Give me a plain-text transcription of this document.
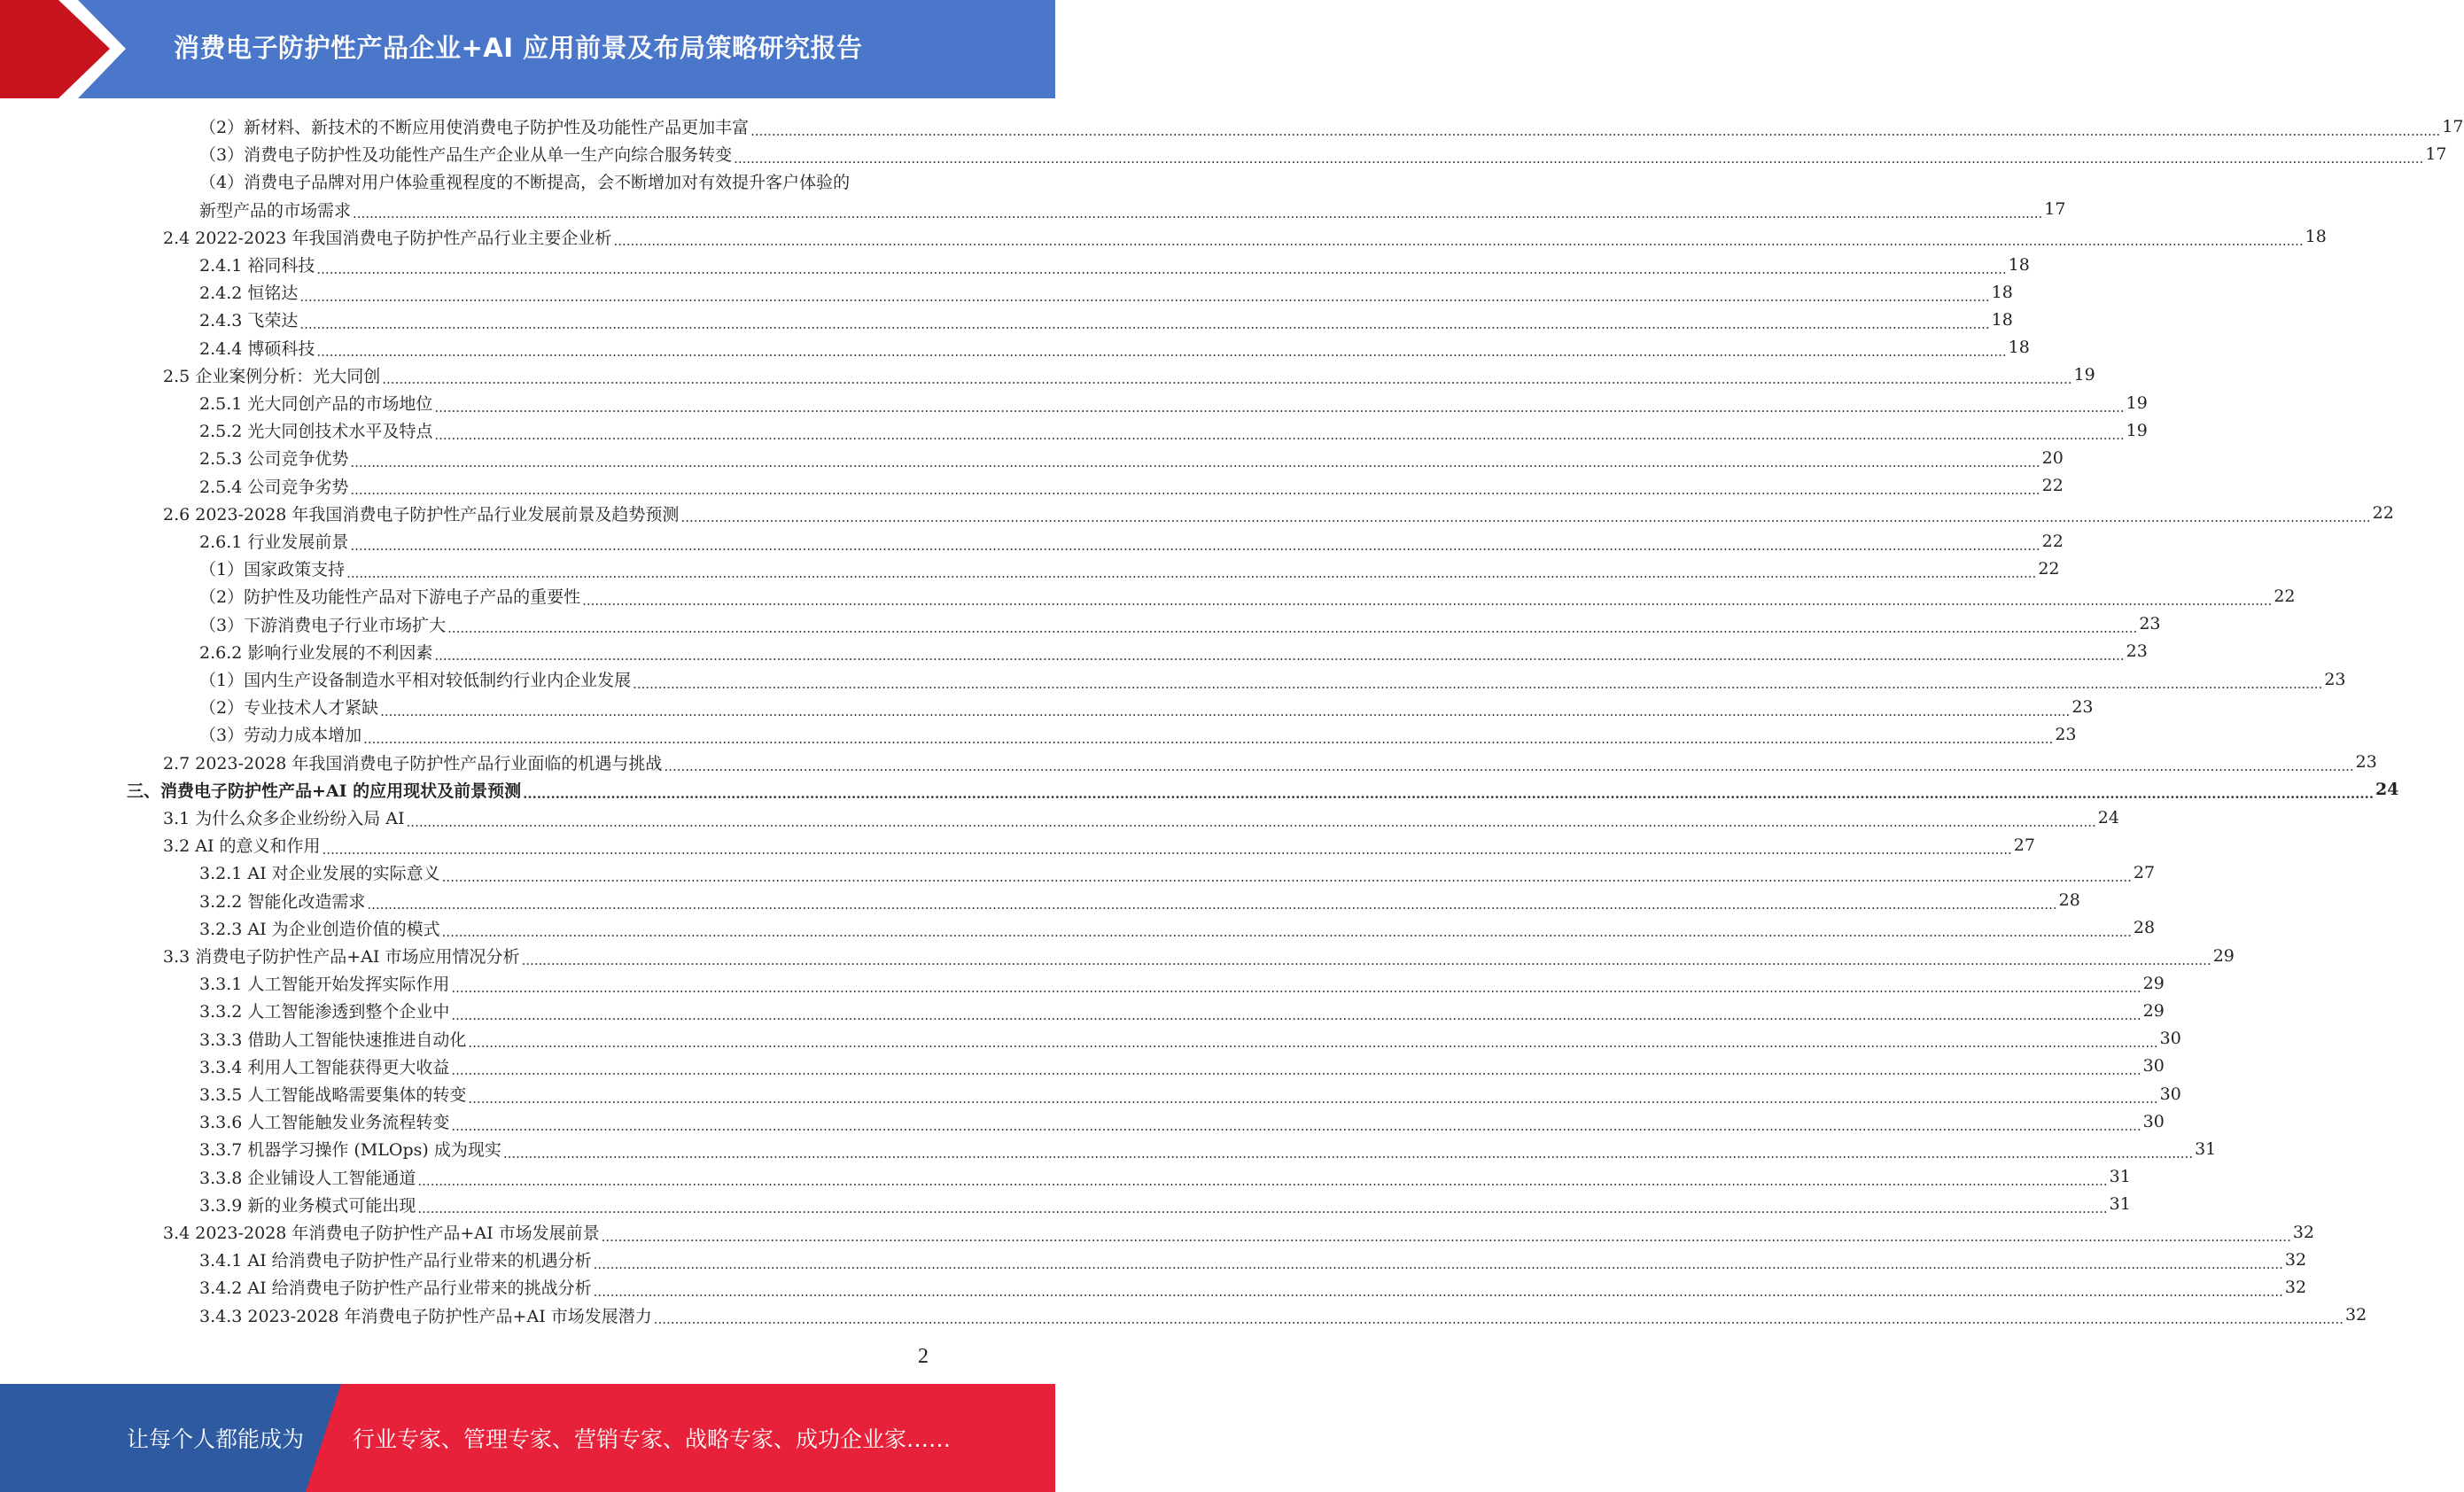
消费电子防护性产品企业+AI 应用前景及布局策略研究报告
（2）新材料、新技术的不断应用使消费电子防护性及功能性产品更加丰富 ................................................................................................................................................................................................................................................................................................................................................................................................................ 17
（3）消费电子防护性及功能性产品生产企业从单一生产向综合服务转变 ................................................................................................................................................................................................................................................................................................................................................................................................................ 17
（4）消费电子品牌对用户体验重视程度的不断提高，会不断增加对有效提升客户体验的
新型产品的市场需求 ................................................................................................................................................................................................................................................................................................................................................................................................................ 17
2.4 2022-2023 年我国消费电子防护性产品行业主要企业析 ................................................................................................................................................................................................................................................................................................................................................................................................................ 18
2.4.1 裕同科技 ................................................................................................................................................................................................................................................................................................................................................................................................................ 18
2.4.2 恒铭达 ................................................................................................................................................................................................................................................................................................................................................................................................................ 18
2.4.3 飞荣达 ................................................................................................................................................................................................................................................................................................................................................................................................................ 18
2.4.4 博硕科技 ................................................................................................................................................................................................................................................................................................................................................................................................................ 18
2.5 企业案例分析：光大同创 ................................................................................................................................................................................................................................................................................................................................................................................................................ 19
2.5.1 光大同创产品的市场地位 ................................................................................................................................................................................................................................................................................................................................................................................................................ 19
2.5.2 光大同创技术水平及特点 ................................................................................................................................................................................................................................................................................................................................................................................................................ 19
2.5.3 公司竞争优势 ................................................................................................................................................................................................................................................................................................................................................................................................................ 20
2.5.4 公司竞争劣势 ................................................................................................................................................................................................................................................................................................................................................................................................................ 22
2.6 2023-2028 年我国消费电子防护性产品行业发展前景及趋势预测 ................................................................................................................................................................................................................................................................................................................................................................................................................ 22
2.6.1 行业发展前景 ................................................................................................................................................................................................................................................................................................................................................................................................................ 22
（1）国家政策支持 ................................................................................................................................................................................................................................................................................................................................................................................................................ 22
（2）防护性及功能性产品对下游电子产品的重要性 ................................................................................................................................................................................................................................................................................................................................................................................................................ 22
（3）下游消费电子行业市场扩大 ................................................................................................................................................................................................................................................................................................................................................................................................................ 23
2.6.2 影响行业发展的不利因素 ................................................................................................................................................................................................................................................................................................................................................................................................................ 23
（1）国内生产设备制造水平相对较低制约行业内企业发展 ................................................................................................................................................................................................................................................................................................................................................................................................................ 23
（2）专业技术人才紧缺 ................................................................................................................................................................................................................................................................................................................................................................................................................ 23
（3）劳动力成本增加 ................................................................................................................................................................................................................................................................................................................................................................................................................ 23
2.7 2023-2028 年我国消费电子防护性产品行业面临的机遇与挑战 ................................................................................................................................................................................................................................................................................................................................................................................................................ 23
三、消费电子防护性产品+AI 的应用现状及前景预测 ................................................................................................................................................................................................................................................................................................................................................................................................................ 24
3.1 为什么众多企业纷纷入局 AI ................................................................................................................................................................................................................................................................................................................................................................................................................ 24
3.2 AI 的意义和作用 ................................................................................................................................................................................................................................................................................................................................................................................................................ 27
3.2.1 AI 对企业发展的实际意义 ................................................................................................................................................................................................................................................................................................................................................................................................................ 27
3.2.2 智能化改造需求 ................................................................................................................................................................................................................................................................................................................................................................................................................ 28
3.2.3 AI 为企业创造价值的模式 ................................................................................................................................................................................................................................................................................................................................................................................................................ 28
3.3 消费电子防护性产品+AI 市场应用情况分析 ................................................................................................................................................................................................................................................................................................................................................................................................................ 29
3.3.1 人工智能开始发挥实际作用 ................................................................................................................................................................................................................................................................................................................................................................................................................ 29
3.3.2 人工智能渗透到整个企业中 ................................................................................................................................................................................................................................................................................................................................................................................................................ 29
3.3.3 借助人工智能快速推进自动化 ................................................................................................................................................................................................................................................................................................................................................................................................................ 30
3.3.4 利用人工智能获得更大收益 ................................................................................................................................................................................................................................................................................................................................................................................................................ 30
3.3.5 人工智能战略需要集体的转变 ................................................................................................................................................................................................................................................................................................................................................................................................................ 30
3.3.6 人工智能触发业务流程转变 ................................................................................................................................................................................................................................................................................................................................................................................................................ 30
3.3.7 机器学习操作 (MLOps) 成为现实 ................................................................................................................................................................................................................................................................................................................................................................................................................ 31
3.3.8 企业铺设人工智能通道 ................................................................................................................................................................................................................................................................................................................................................................................................................ 31
3.3.9 新的业务模式可能出现 ................................................................................................................................................................................................................................................................................................................................................................................................................ 31
3.4 2023-2028 年消费电子防护性产品+AI 市场发展前景 ................................................................................................................................................................................................................................................................................................................................................................................................................ 32
3.4.1 AI 给消费电子防护性产品行业带来的机遇分析 ................................................................................................................................................................................................................................................................................................................................................................................................................ 32
3.4.2 AI 给消费电子防护性产品行业带来的挑战分析 ................................................................................................................................................................................................................................................................................................................................................................................................................ 32
3.4.3 2023-2028 年消费电子防护性产品+AI 市场发展潜力 ................................................................................................................................................................................................................................................................................................................................................................................................................ 32
2
让每个人都能成为 行业专家、管理专家、营销专家、战略专家、成功企业家……
